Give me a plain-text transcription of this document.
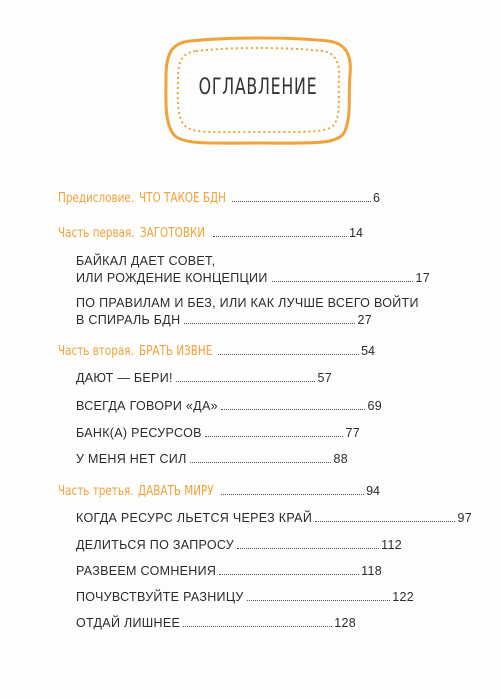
ОГЛАВЛЕНИЕ
Предисловие. ЧТО ТАКОЕ БДН	6
Часть первая. ЗАГОТОВКИ	14
БАЙКАЛ ДАЕТ СОВЕТ,
ИЛИ РОЖДЕНИЕ КОНЦЕПЦИИ	17
ПО ПРАВИЛАМ И БЕЗ, ИЛИ КАК ЛУЧШЕ ВСЕГО ВОЙТИ
В СПИРАЛЬ БДН	27
Часть вторая. БРАТЬ ИЗВНЕ	54
ДАЮТ — БЕРИ!	57
ВСЕГДА ГОВОРИ «ДА»	69
БАНК(А) РЕСУРСОВ	77
У МЕНЯ НЕТ СИЛ	88
Часть третья. ДАВАТЬ МИРУ	94
КОГДА РЕСУРС ЛЬЕТСЯ ЧЕРЕЗ КРАЙ	97
ДЕЛИТЬСЯ ПО ЗАПРОСУ	112
РАЗВЕЕМ СОМНЕНИЯ	118
ПОЧУВСТВУЙТЕ РАЗНИЦУ	122
ОТДАЙ ЛИШНЕЕ	128
